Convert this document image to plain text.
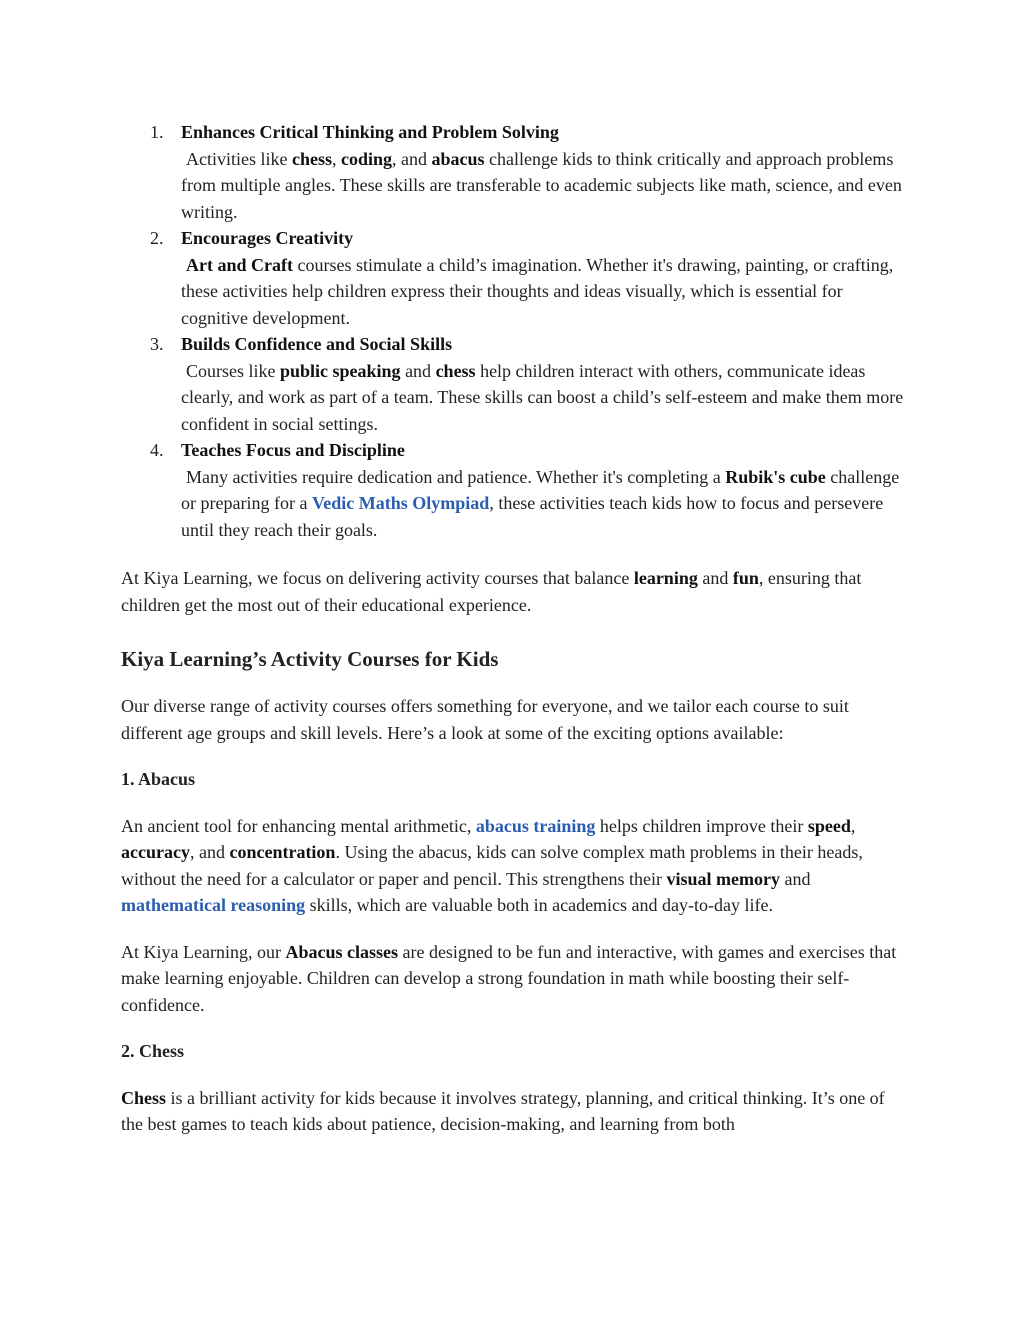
1. Enhances Critical Thinking and Problem Solving
Activities like chess, coding, and abacus challenge kids to think critically and approach problems from multiple angles. These skills are transferable to academic subjects like math, science, and even writing.
2. Encourages Creativity
Art and Craft courses stimulate a child’s imagination. Whether it's drawing, painting, or crafting, these activities help children express their thoughts and ideas visually, which is essential for cognitive development.
3. Builds Confidence and Social Skills
Courses like public speaking and chess help children interact with others, communicate ideas clearly, and work as part of a team. These skills can boost a child’s self-esteem and make them more confident in social settings.
4. Teaches Focus and Discipline
Many activities require dedication and patience. Whether it's completing a Rubik's cube challenge or preparing for a Vedic Maths Olympiad, these activities teach kids how to focus and persevere until they reach their goals.

At Kiya Learning, we focus on delivering activity courses that balance learning and fun, ensuring that children get the most out of their educational experience.

Kiya Learning’s Activity Courses for Kids

Our diverse range of activity courses offers something for everyone, and we tailor each course to suit different age groups and skill levels. Here’s a look at some of the exciting options available:

1. Abacus

An ancient tool for enhancing mental arithmetic, abacus training helps children improve their speed, accuracy, and concentration. Using the abacus, kids can solve complex math problems in their heads, without the need for a calculator or paper and pencil. This strengthens their visual memory and mathematical reasoning skills, which are valuable both in academics and day-to-day life.

At Kiya Learning, our Abacus classes are designed to be fun and interactive, with games and exercises that make learning enjoyable. Children can develop a strong foundation in math while boosting their self-confidence.

2. Chess

Chess is a brilliant activity for kids because it involves strategy, planning, and critical thinking. It’s one of the best games to teach kids about patience, decision-making, and learning from both
